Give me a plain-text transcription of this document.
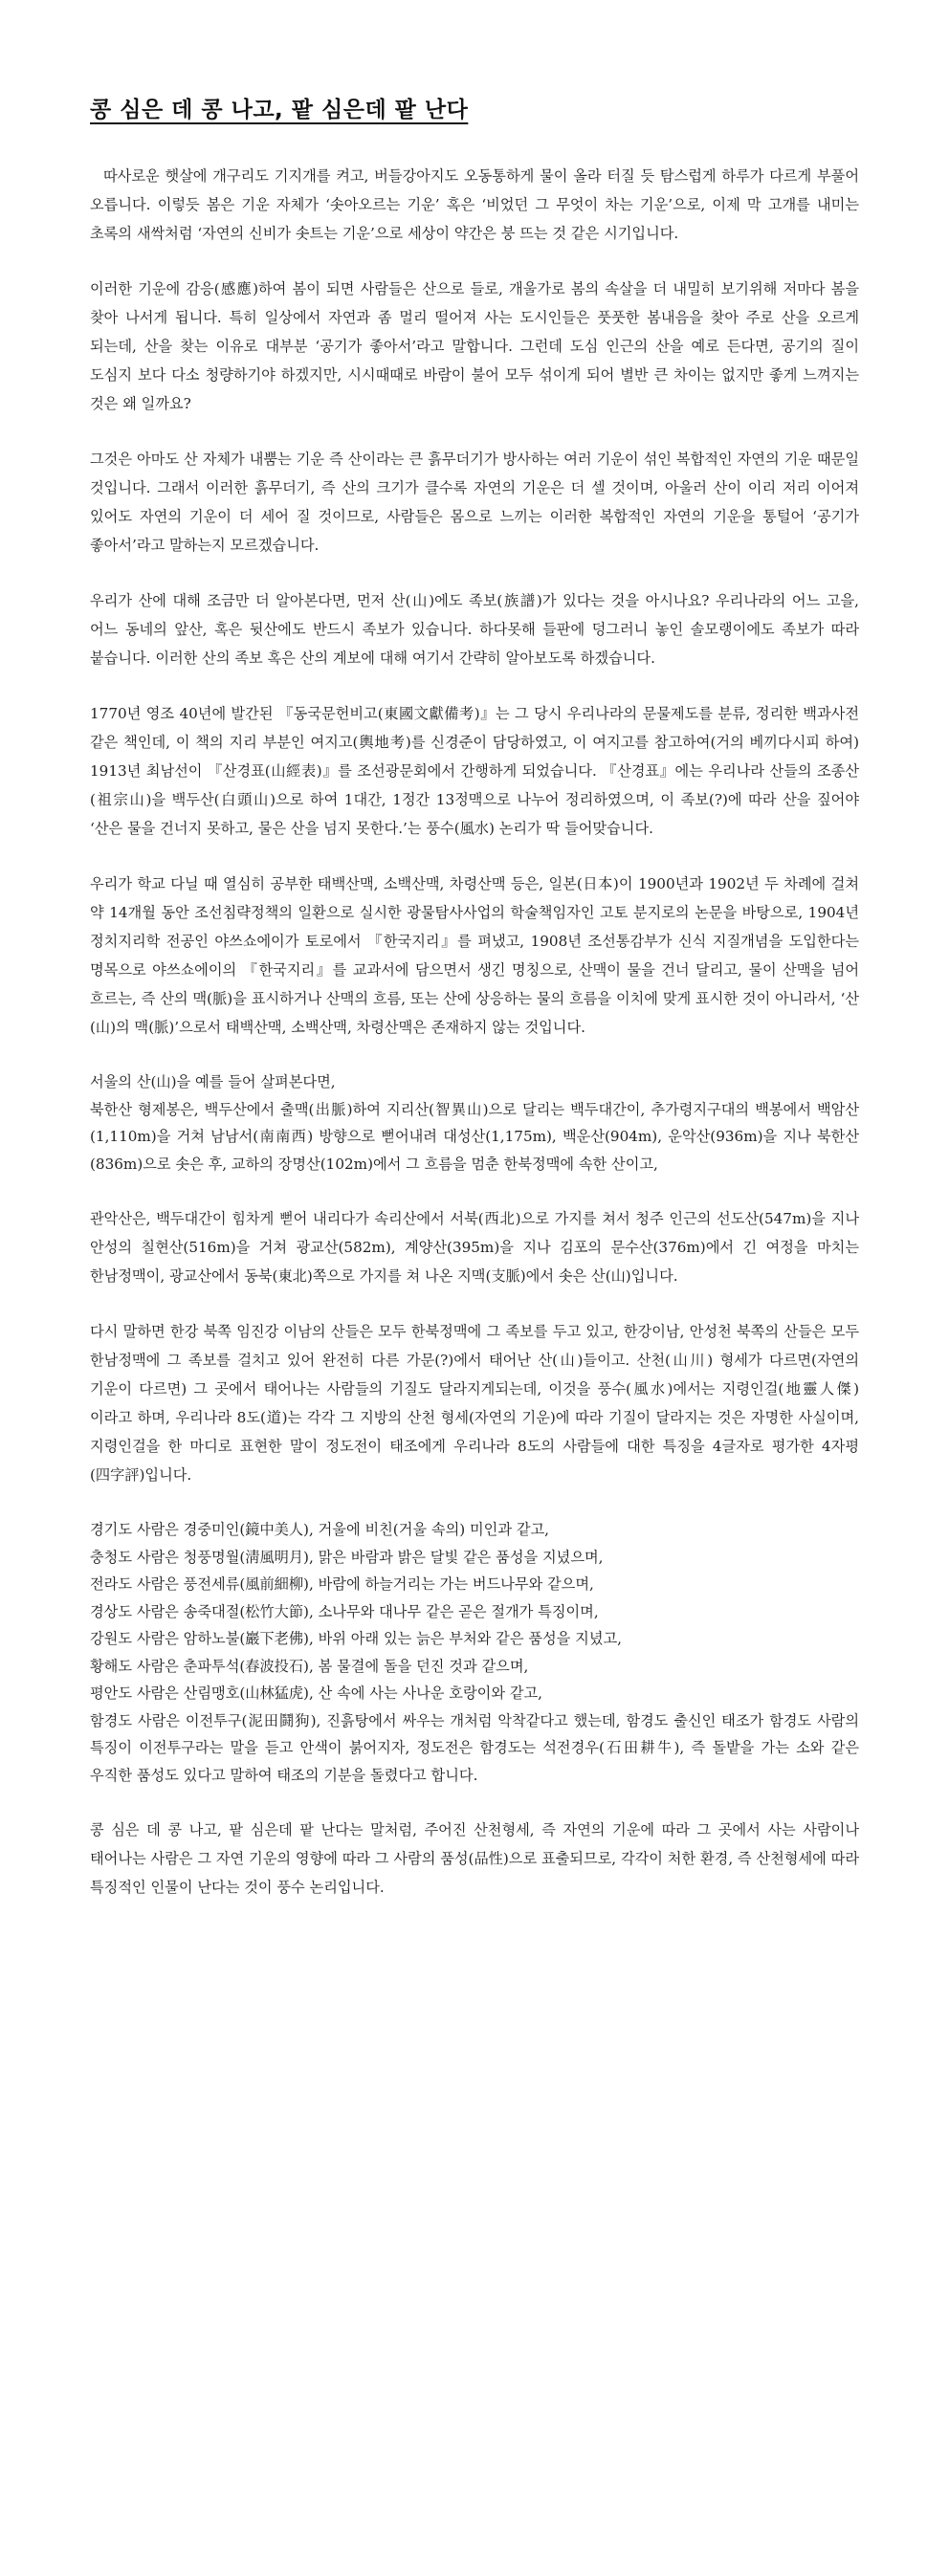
콩 심은 데 콩 나고, 팥 심은데 팥 난다

따사로운 햇살에 개구리도 기지개를 켜고, 버들강아지도 오동통하게 물이 올라 터질 듯 탐스럽게 하루가 다르게 부풀어 오릅니다. 이렇듯 봄은 기운 자체가 ‘솟아오르는 기운’ 혹은 ‘비었던 그 무엇이 차는 기운’으로, 이제 막 고개를 내미는 초록의 새싹처럼 ‘자연의 신비가 솟트는 기운’으로 세상이 약간은 붕 뜨는 것 같은 시기입니다.

이러한 기운에 감응(感應)하여 봄이 되면 사람들은 산으로 들로, 개울가로 봄의 속살을 더 내밀히 보기위해 저마다 봄을 찾아 나서게 됩니다. 특히 일상에서 자연과 좀 멀리 떨어져 사는 도시인들은 풋풋한 봄내음을 찾아 주로 산을 오르게 되는데, 산을 찾는 이유로 대부분 ‘공기가 좋아서’라고 말합니다. 그런데 도심 인근의 산을 예로 든다면, 공기의 질이 도심지 보다 다소 청량하기야 하겠지만, 시시때때로 바람이 불어 모두 섞이게 되어 별반 큰 차이는 없지만 좋게 느껴지는 것은 왜 일까요?

그것은 아마도 산 자체가 내뿜는 기운 즉 산이라는 큰 흙무더기가 방사하는 여러 기운이 섞인 복합적인 자연의 기운 때문일 것입니다. 그래서 이러한 흙무더기, 즉 산의 크기가 클수록 자연의 기운은 더 셀 것이며, 아울러 산이 이리 저리 이어져 있어도 자연의 기운이 더 세어 질 것이므로, 사람들은 몸으로 느끼는 이러한 복합적인 자연의 기운을 통털어 ‘공기가 좋아서’라고 말하는지 모르겠습니다.

우리가 산에 대해 조금만 더 알아본다면, 먼저 산(山)에도 족보(族譜)가 있다는 것을 아시나요? 우리나라의 어느 고을, 어느 동네의 앞산, 혹은 뒷산에도 반드시 족보가 있습니다. 하다못해 들판에 덩그러니 놓인 솔모랭이에도 족보가 따라 붙습니다. 이러한 산의 족보 혹은 산의 계보에 대해 여기서 간략히 알아보도록 하겠습니다.

1770년 영조 40년에 발간된 『동국문헌비고(東國文獻備考)』는 그 당시 우리나라의 문물제도를 분류, 정리한 백과사전 같은 책인데, 이 책의 지리 부분인 여지고(輿地考)를 신경준이 담당하였고, 이 여지고를 참고하여(거의 베끼다시피 하여) 1913년 최남선이 『산경표(山經表)』를 조선광문회에서 간행하게 되었습니다. 『산경표』에는 우리나라 산들의 조종산(祖宗山)을 백두산(白頭山)으로 하여 1대간, 1정간 13정맥으로 나누어 정리하였으며, 이 족보(?)에 따라 산을 짚어야 ‘산은 물을 건너지 못하고, 물은 산을 넘지 못한다.’는 풍수(風水) 논리가 딱 들어맞습니다.

우리가 학교 다닐 때 열심히 공부한 태백산맥, 소백산맥, 차령산맥 등은, 일본(日本)이 1900년과 1902년 두 차례에 걸쳐 약 14개월 동안 조선침략정책의 일환으로 실시한 광물탐사사업의 학술책임자인 고토 분지로의 논문을 바탕으로, 1904년 정치지리학 전공인 야쓰쇼에이가 토로에서 『한국지리』를 펴냈고, 1908년 조선통감부가 신식 지질개념을 도입한다는 명목으로 야쓰쇼에이의 『한국지리』를 교과서에 담으면서 생긴 명칭으로, 산맥이 물을 건너 달리고, 물이 산맥을 넘어 흐르는, 즉 산의 맥(脈)을 표시하거나 산맥의 흐름, 또는 산에 상응하는 물의 흐름을 이치에 맞게 표시한 것이 아니라서, ‘산(山)의 맥(脈)’으로서 태백산맥, 소백산맥, 차령산맥은 존재하지 않는 것입니다.

서울의 산(山)을 예를 들어 살펴본다면,

북한산 형제봉은, 백두산에서 출맥(出脈)하여 지리산(智異山)으로 달리는 백두대간이, 추가령지구대의 백봉에서 백암산(1,110m)을 거쳐 남남서(南南西) 방향으로 뻗어내려 대성산(1,175m), 백운산(904m), 운악산(936m)을 지나 북한산(836m)으로 솟은 후, 교하의 장명산(102m)에서 그 흐름을 멈춘 한북정맥에 속한 산이고,

관악산은, 백두대간이 힘차게 뻗어 내리다가 속리산에서 서북(西北)으로 가지를 쳐서 청주 인근의 선도산(547m)을 지나 안성의 칠현산(516m)을 거쳐 광교산(582m), 계양산(395m)을 지나 김포의 문수산(376m)에서 긴 여정을 마치는 한남정맥이, 광교산에서 동북(東北)쪽으로 가지를 쳐 나온 지맥(支脈)에서 솟은 산(山)입니다.

다시 말하면 한강 북쪽 임진강 이남의 산들은 모두 한북정맥에 그 족보를 두고 있고, 한강이남, 안성천 북쪽의 산들은 모두 한남정맥에 그 족보를 걸치고 있어 완전히 다른 가문(?)에서 태어난 산(山)들이고. 산천(山川) 형세가 다르면(자연의 기운이 다르면) 그 곳에서 태어나는 사람들의 기질도 달라지게되는데, 이것을 풍수(風水)에서는 지령인걸(地靈人傑)이라고 하며, 우리나라 8도(道)는 각각 그 지방의 산천 형세(자연의 기운)에 따라 기질이 달라지는 것은 자명한 사실이며, 지령인걸을 한 마디로 표현한 말이 정도전이 태조에게 우리나라 8도의 사람들에 대한 특징을 4글자로 평가한 4자평(四字評)입니다.

경기도 사람은 경중미인(鏡中美人), 거울에 비친(거울 속의) 미인과 같고,

충청도 사람은 청풍명월(淸風明月), 맑은 바람과 밝은 달빛 같은 품성을 지녔으며,

전라도 사람은 풍전세류(風前細柳), 바람에 하늘거리는 가는 버드나무와 같으며,

경상도 사람은 송죽대절(松竹大節), 소나무와 대나무 같은 곧은 절개가 특징이며,

강원도 사람은 암하노불(巖下老佛), 바위 아래 있는 늙은 부처와 같은 품성을 지녔고,

황해도 사람은 춘파투석(春波投石), 봄 물결에 돌을 던진 것과 같으며,

평안도 사람은 산림맹호(山林猛虎), 산 속에 사는 사나운 호랑이와 같고,

함경도 사람은 이전투구(泥田鬪狗), 진흙탕에서 싸우는 개처럼 악착같다고 했는데, 함경도 출신인 태조가 함경도 사람의 특징이 이전투구라는 말을 듣고 안색이 붉어지자, 정도전은 함경도는 석전경우(石田耕牛), 즉 돌밭을 가는 소와 같은 우직한 품성도 있다고 말하여 태조의 기분을 돌렸다고 합니다.

콩 심은 데 콩 나고, 팥 심은데 팥 난다는 말처럼, 주어진 산천형세, 즉 자연의 기운에 따라 그 곳에서 사는 사람이나 태어나는 사람은 그 자연 기운의 영향에 따라 그 사람의 품성(品性)으로 표출되므로, 각각이 처한 환경, 즉 산천형세에 따라 특징적인 인물이 난다는 것이 풍수 논리입니다.
